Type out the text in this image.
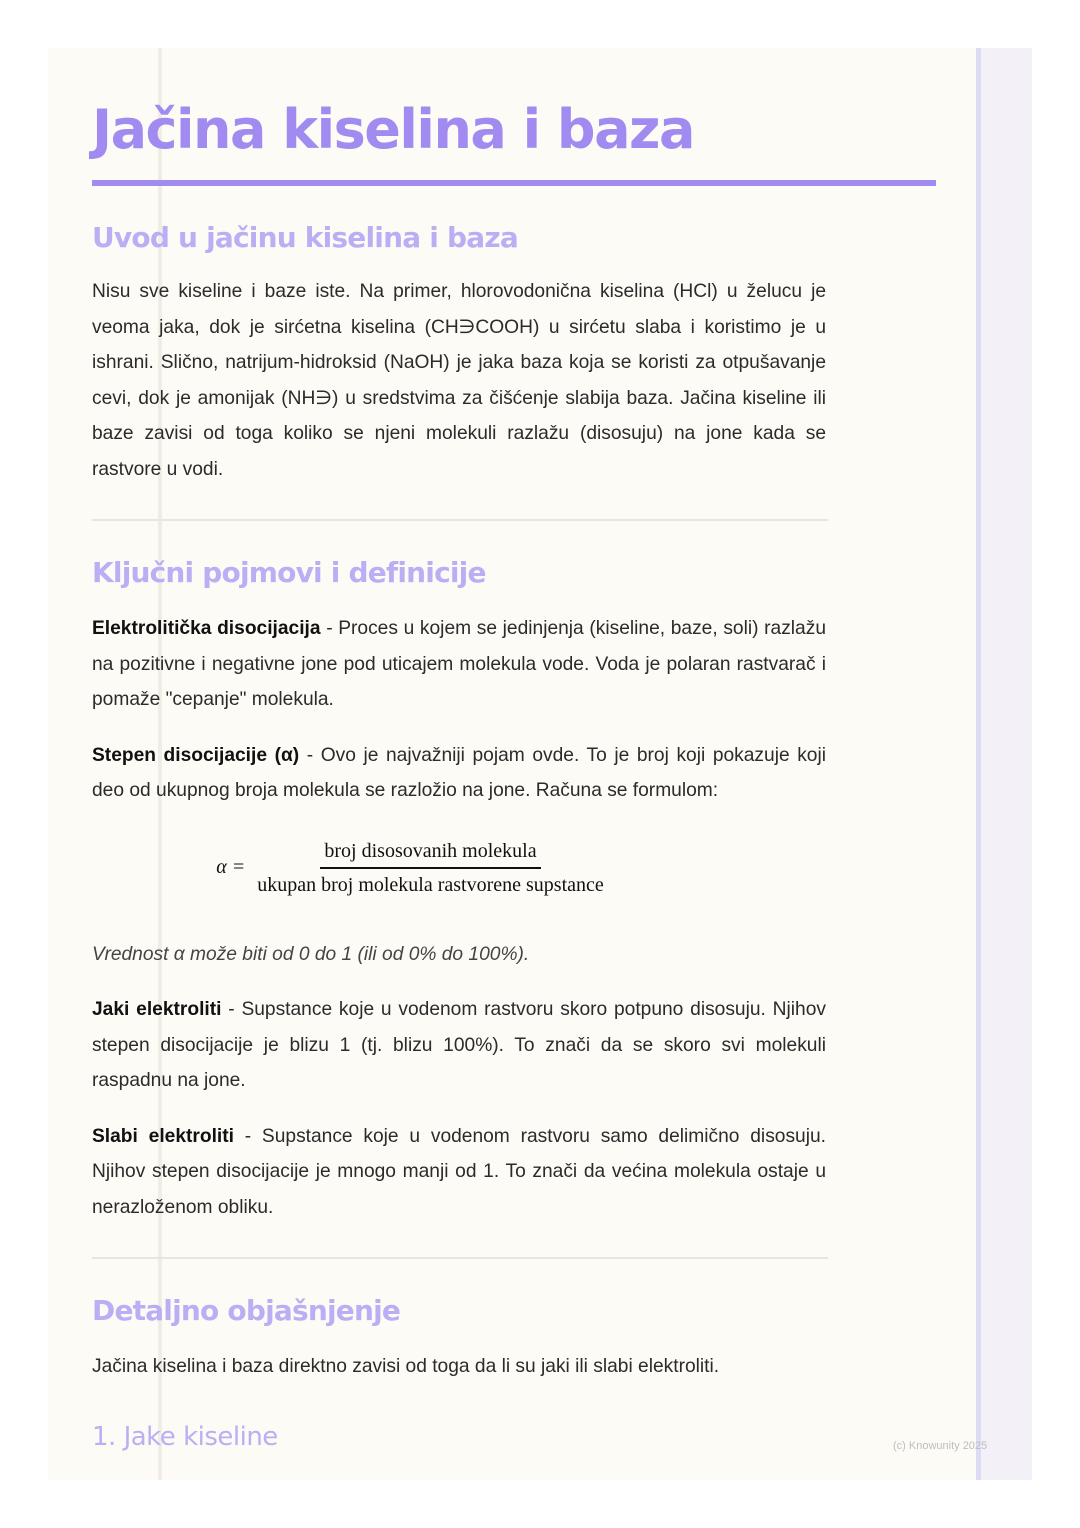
Jačina kiselina i baza
Uvod u jačinu kiselina i baza

Nisu sve kiseline i baze iste. Na primer, hlorovodonična kiselina (HCl) u želucu je veoma jaka, dok je sirćetna kiselina (CH∋COOH) u sirćetu slaba i koristimo je u ishrani. Slično, natrijum-hidroksid (NaOH) je jaka baza koja se koristi za otpušavanje cevi, dok je amonijak (NH∋) u sredstvima za čišćenje slabija baza. Jačina kiseline ili baze zavisi od toga koliko se njeni molekuli razlažu (disosuju) na jone kada se rastvore u vodi.

Ključni pojmovi i definicije

Elektrolitička disocijacija - Proces u kojem se jedinjenja (kiseline, baze, soli) razlažu na pozitivne i negativne jone pod uticajem molekula vode. Voda je polaran rastvarač i pomaže "cepanje" molekula.

Stepen disocijacije (α) - Ovo je najvažniji pojam ovde. To je broj koji pokazuje koji deo od ukupnog broja molekula se razložio na jone. Računa se formulom:

$\alpha = \frac{\text{broj disosovanih molekula}}{\text{ukupan broj molekula rastvorene supstance}}$

Vrednost α može biti od 0 do 1 (ili od 0% do 100%).

Jaki elektroliti - Supstance koje u vodenom rastvoru skoro potpuno disosuju. Njihov stepen disocijacije je blizu 1 (tj. blizu 100%). To znači da se skoro svi molekuli raspadnu na jone.

Slabi elektroliti - Supstance koje u vodenom rastvoru samo delimično disosuju. Njihov stepen disocijacije je mnogo manji od 1. To znači da većina molekula ostaje u nerazloženom obliku.

Detaljno objašnjenje

Jačina kiselina i baza direktno zavisi od toga da li su jaki ili slabi elektroliti.

1. Jake kiseline	(c) Knowunity 2025
